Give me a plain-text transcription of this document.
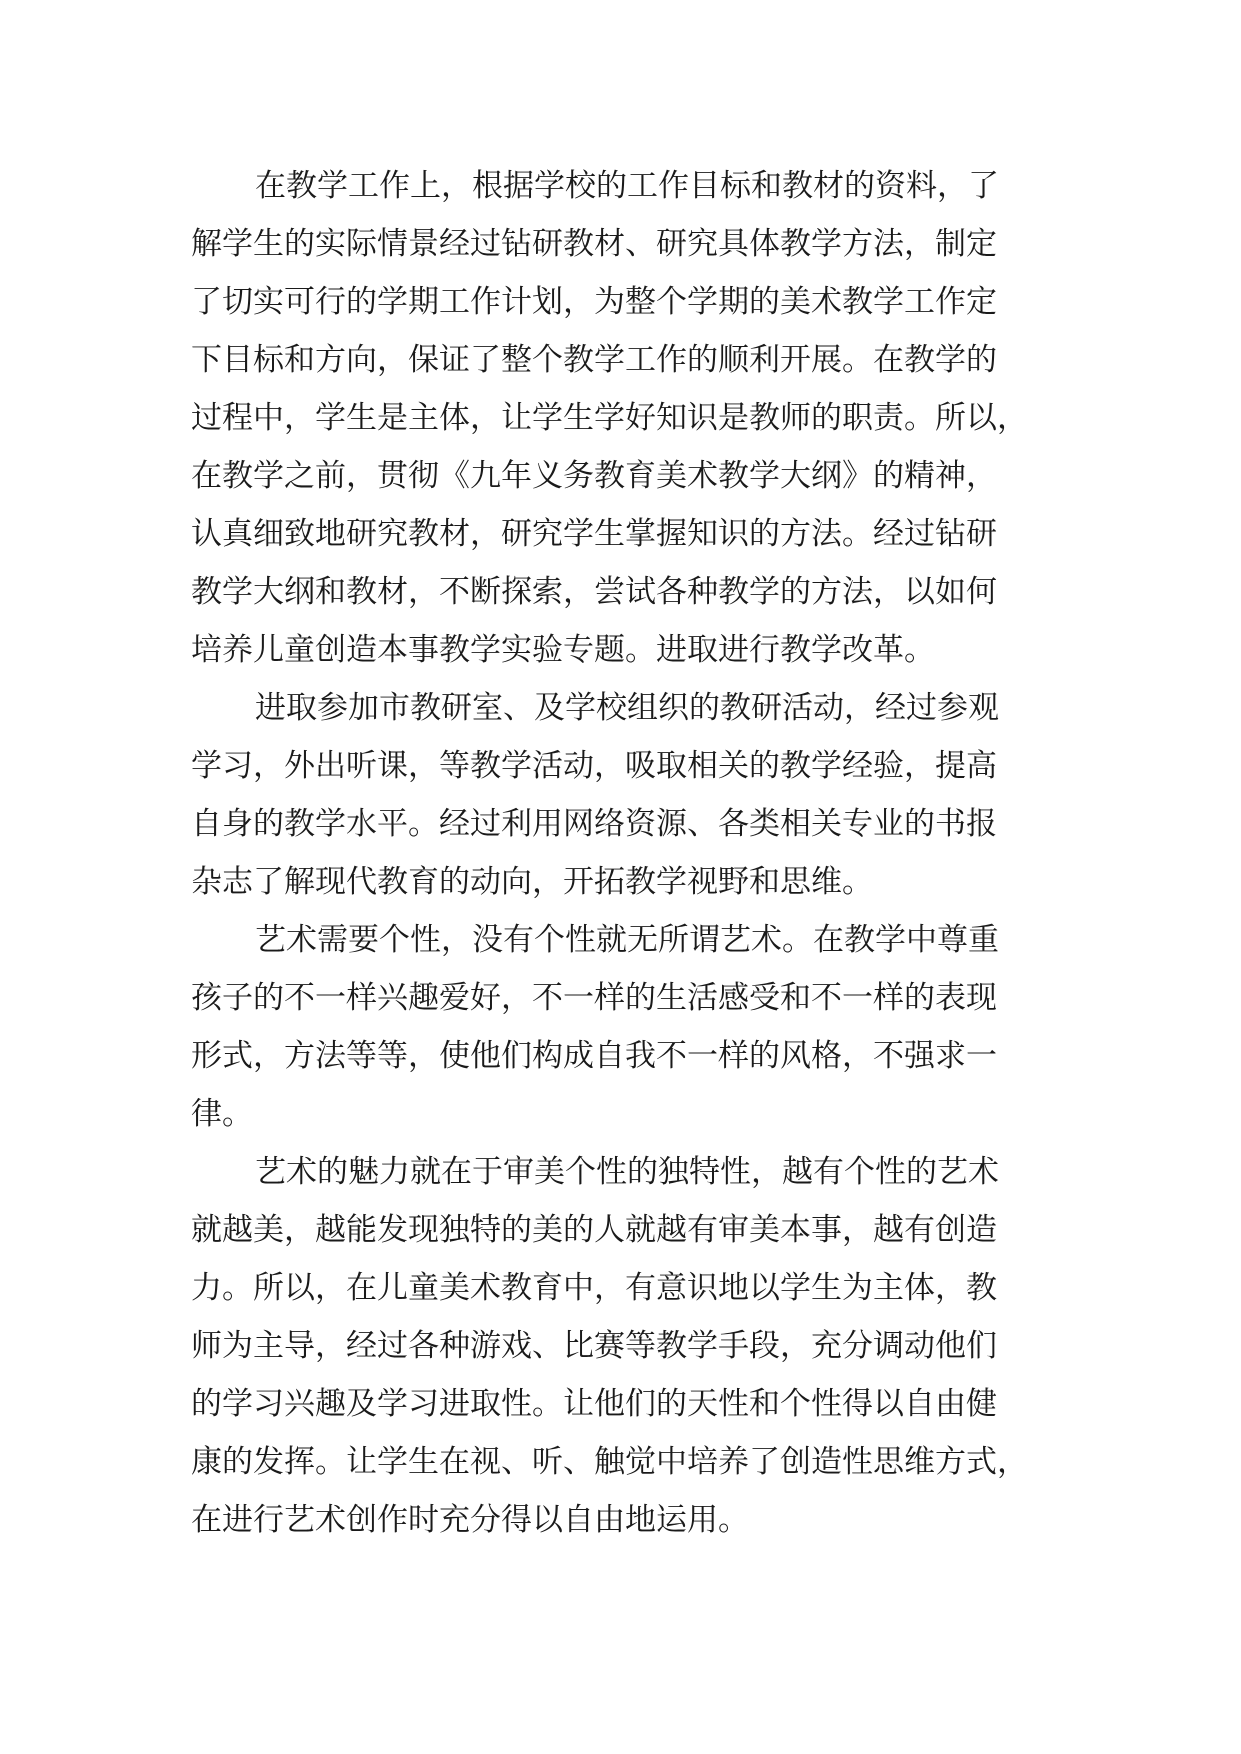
在教学工作上，根据学校的工作目标和教材的资料，了
解学生的实际情景经过钻研教材、研究具体教学方法，制定
了切实可行的学期工作计划，为整个学期的美术教学工作定
下目标和方向，保证了整个教学工作的顺利开展。在教学的
过程中，学生是主体，让学生学好知识是教师的职责。所以，
在教学之前，贯彻《九年义务教育美术教学大纲》的精神，
认真细致地研究教材，研究学生掌握知识的方法。经过钻研
教学大纲和教材，不断探索，尝试各种教学的方法，以如何
培养儿童创造本事教学实验专题。进取进行教学改革。
进取参加市教研室、及学校组织的教研活动，经过参观
学习，外出听课，等教学活动，吸取相关的教学经验，提高
自身的教学水平。经过利用网络资源、各类相关专业的书报
杂志了解现代教育的动向，开拓教学视野和思维。
艺术需要个性，没有个性就无所谓艺术。在教学中尊重
孩子的不一样兴趣爱好，不一样的生活感受和不一样的表现
形式，方法等等，使他们构成自我不一样的风格，不强求一
律。
艺术的魅力就在于审美个性的独特性，越有个性的艺术
就越美，越能发现独特的美的人就越有审美本事，越有创造
力。所以，在儿童美术教育中，有意识地以学生为主体，教
师为主导，经过各种游戏、比赛等教学手段，充分调动他们
的学习兴趣及学习进取性。让他们的天性和个性得以自由健
康的发挥。让学生在视、听、触觉中培养了创造性思维方式，
在进行艺术创作时充分得以自由地运用。
